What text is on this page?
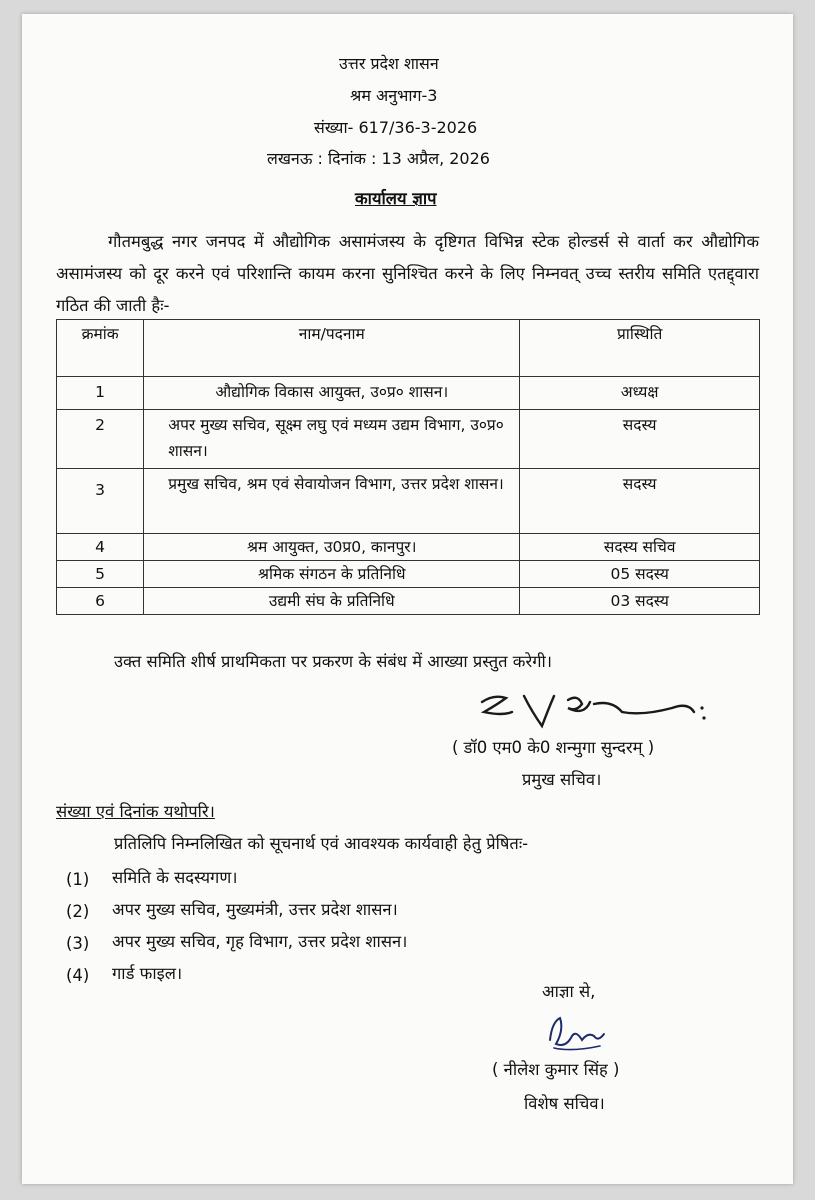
उत्तर प्रदेश शासन
श्रम अनुभाग-3
संख्या- 617/36-3-2026
लखनऊ : दिनांक : 13 अप्रैल, 2026
कार्यालय ज्ञाप
गौतमबुद्ध नगर जनपद में औद्योगिक असामंजस्य के दृष्टिगत विभिन्न स्टेक होल्डर्स से वार्ता कर औद्योगिक असामंजस्य को दूर करने एवं परिशान्ति कायम करना सुनिश्चित करने के लिए निम्नवत् उच्च स्तरीय समिति एतद्द्वारा गठित की जाती हैः-
क्रमांक	नाम/पदनाम	प्रास्थिति
1	औद्योगिक विकास आयुक्त, उ०प्र० शासन।	अध्यक्ष
2	अपर मुख्य सचिव, सूक्ष्म लघु एवं मध्यम उद्यम विभाग, उ०प्र० शासन।	सदस्य
3	प्रमुख सचिव, श्रम एवं सेवायोजन विभाग, उत्तर प्रदेश शासन।	सदस्य
4	श्रम आयुक्त, उ0प्र0, कानपुर।	सदस्य सचिव
5	श्रमिक संगठन के प्रतिनिधि	05 सदस्य
6	उद्यमी संघ के प्रतिनिधि	03 सदस्य
उक्त समिति शीर्ष प्राथमिकता पर प्रकरण के संबंध में आख्या प्रस्तुत करेगी।
( डॉ0 एम0 के0 शन्मुगा सुन्दरम् )
प्रमुख सचिव।
संख्या एवं दिनांक यथोपरि।
प्रतिलिपि निम्नलिखित को सूचनार्थ एवं आवश्यक कार्यवाही हेतु प्रेषितः-
(1) समिति के सदस्यगण।
(2) अपर मुख्य सचिव, मुख्यमंत्री, उत्तर प्रदेश शासन।
(3) अपर मुख्य सचिव, गृह विभाग, उत्तर प्रदेश शासन।
(4) गार्ड फाइल।
आज्ञा से,
( नीलेश कुमार सिंह )
विशेष सचिव।
